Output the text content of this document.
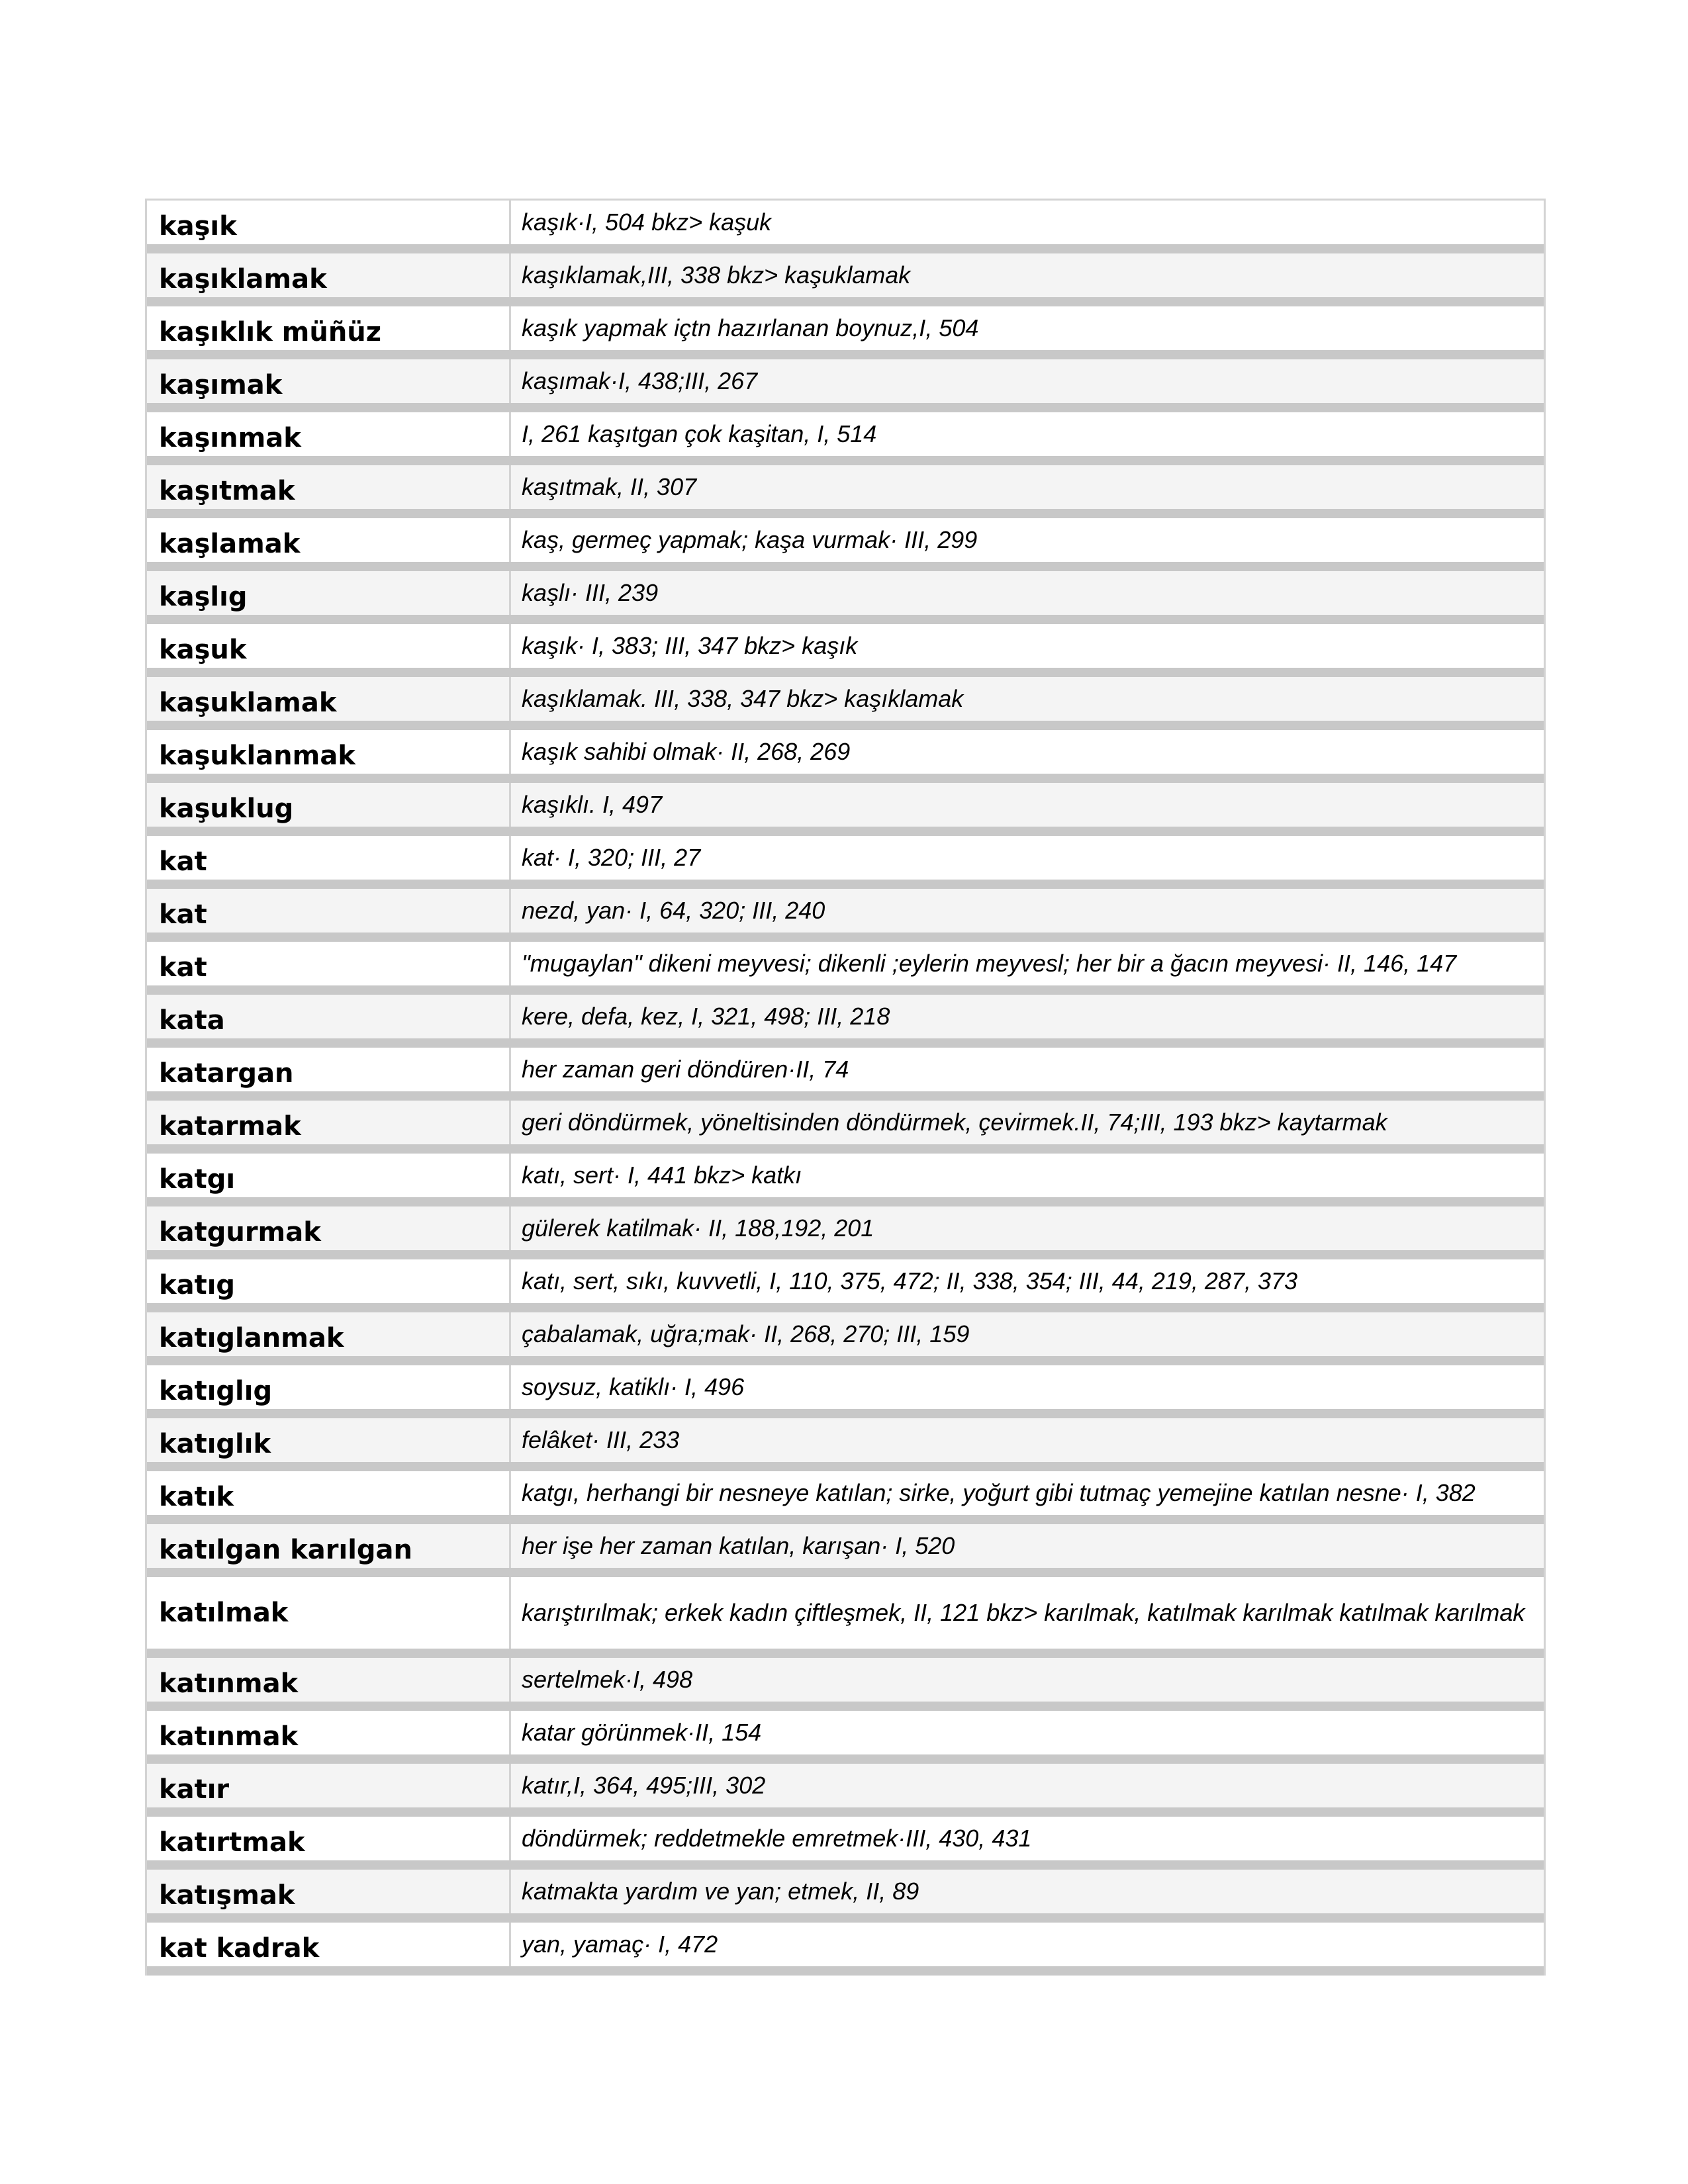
kaşık	kaşık·I, 504 bkz> kaşuk
kaşıklamak	kaşıklamak,III, 338 bkz> kaşuklamak
kaşıklık müñüz	kaşık yapmak içtn hazırlanan boynuz,I, 504
kaşımak	kaşımak·I, 438;III, 267
kaşınmak	I, 261 kaşıtgan çok kaşitan, I, 514
kaşıtmak	kaşıtmak, II, 307
kaşlamak	kaş, germeç yapmak; kaşa vurmak· III, 299
kaşlıg	kaşlı· III, 239
kaşuk	kaşık· I, 383; III, 347 bkz> kaşık
kaşuklamak	kaşıklamak. III, 338, 347 bkz> kaşıklamak
kaşuklanmak	kaşık sahibi olmak· II, 268, 269
kaşuklug	kaşıklı. I, 497
kat	kat· I, 320; III, 27
kat	nezd, yan· I, 64, 320; III, 240
kat	"mugaylan" dikeni meyvesi; dikenli ;eylerin meyvesl; her bir a ğacın meyvesi· II, 146, 147
kata	kere, defa, kez, I, 321, 498; III, 218
katargan	her zaman geri döndüren·II, 74
katarmak	geri döndürmek, yöneltisinden döndürmek, çevirmek.II, 74;III, 193 bkz> kaytarmak
katgı	katı, sert· I, 441 bkz> katkı
katgurmak	gülerek katilmak· II, 188,192, 201
katıg	katı, sert, sıkı, kuvvetli, I, 110, 375, 472; II, 338, 354; III, 44, 219, 287, 373
katıglanmak	çabalamak, uğra;mak· II, 268, 270; III, 159
katıglıg	soysuz, katiklı· I, 496
katıglık	felâket· III, 233
katık	katgı, herhangi bir nesneye katılan; sirke, yoğurt gibi tutmaç yemejine katılan nesne· I, 382
katılgan karılgan	her işe her zaman katılan, karışan· I, 520
katılmak	karıştırılmak; erkek kadın çiftleşmek, II, 121 bkz> karılmak, katılmak karılmak katılmak karılmak
katınmak	sertelmek·I, 498
katınmak	katar görünmek·II, 154
katır	katır,I, 364, 495;III, 302
katırtmak	döndürmek; reddetmekle emretmek·III, 430, 431
katışmak	katmakta yardım ve yan; etmek, II, 89
kat kadrak	yan, yamaç· I, 472
